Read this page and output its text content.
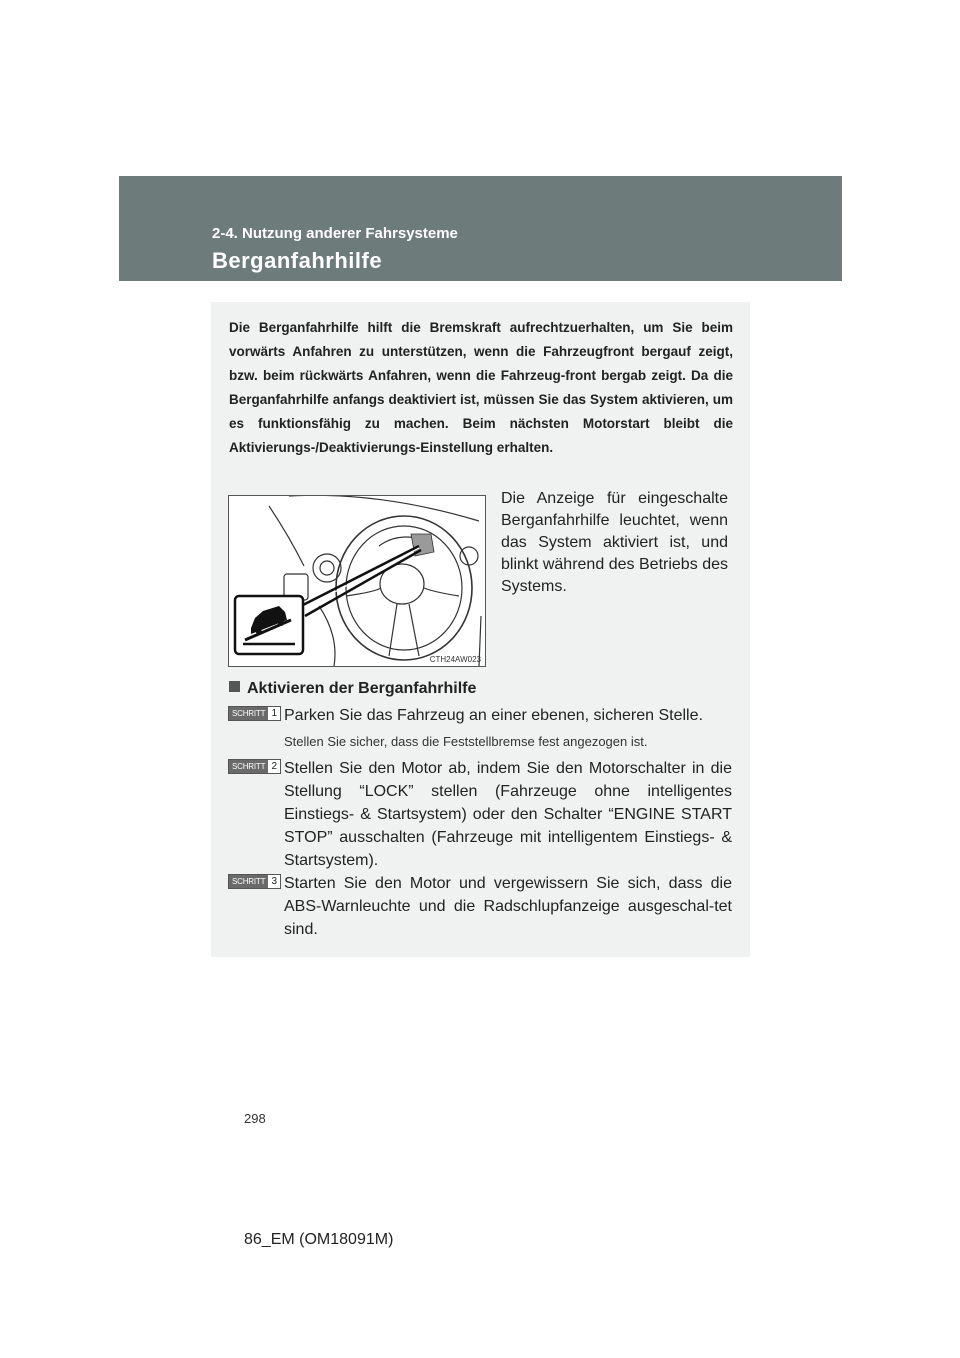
2-4. Nutzung anderer Fahrsysteme
Berganfahrhilfe
Die Berganfahrhilfe hilft die Bremskraft aufrechtzuerhalten, um Sie beim vorwärts Anfahren zu unterstützen, wenn die Fahrzeugfront bergauf zeigt, bzw. beim rückwärts Anfahren, wenn die Fahrzeug-front bergab zeigt. Da die Berganfahrhilfe anfangs deaktiviert ist, müssen Sie das System aktivieren, um es funktionsfähig zu machen. Beim nächsten Motorstart bleibt die Aktivierungs-/Deaktivierungs-Einstellung erhalten.
CTH24AW023
Die Anzeige für eingeschalte Berganfahrhilfe leuchtet, wenn das System aktiviert ist, und blinkt während des Betriebs des Systems.
Aktivieren der Berganfahrhilfe
SCHRITT 1 Parken Sie das Fahrzeug an einer ebenen, sicheren Stelle.
Stellen Sie sicher, dass die Feststellbremse fest angezogen ist.
SCHRITT 2 Stellen Sie den Motor ab, indem Sie den Motorschalter in die Stellung “LOCK” stellen (Fahrzeuge ohne intelligentes Einstiegs- & Startsystem) oder den Schalter “ENGINE START STOP” ausschalten (Fahrzeuge mit intelligentem Einstiegs- & Startsystem).
SCHRITT 3 Starten Sie den Motor und vergewissern Sie sich, dass die ABS-Warnleuchte und die Radschlupfanzeige ausgeschal-tet sind.
298
86_EM (OM18091M)
